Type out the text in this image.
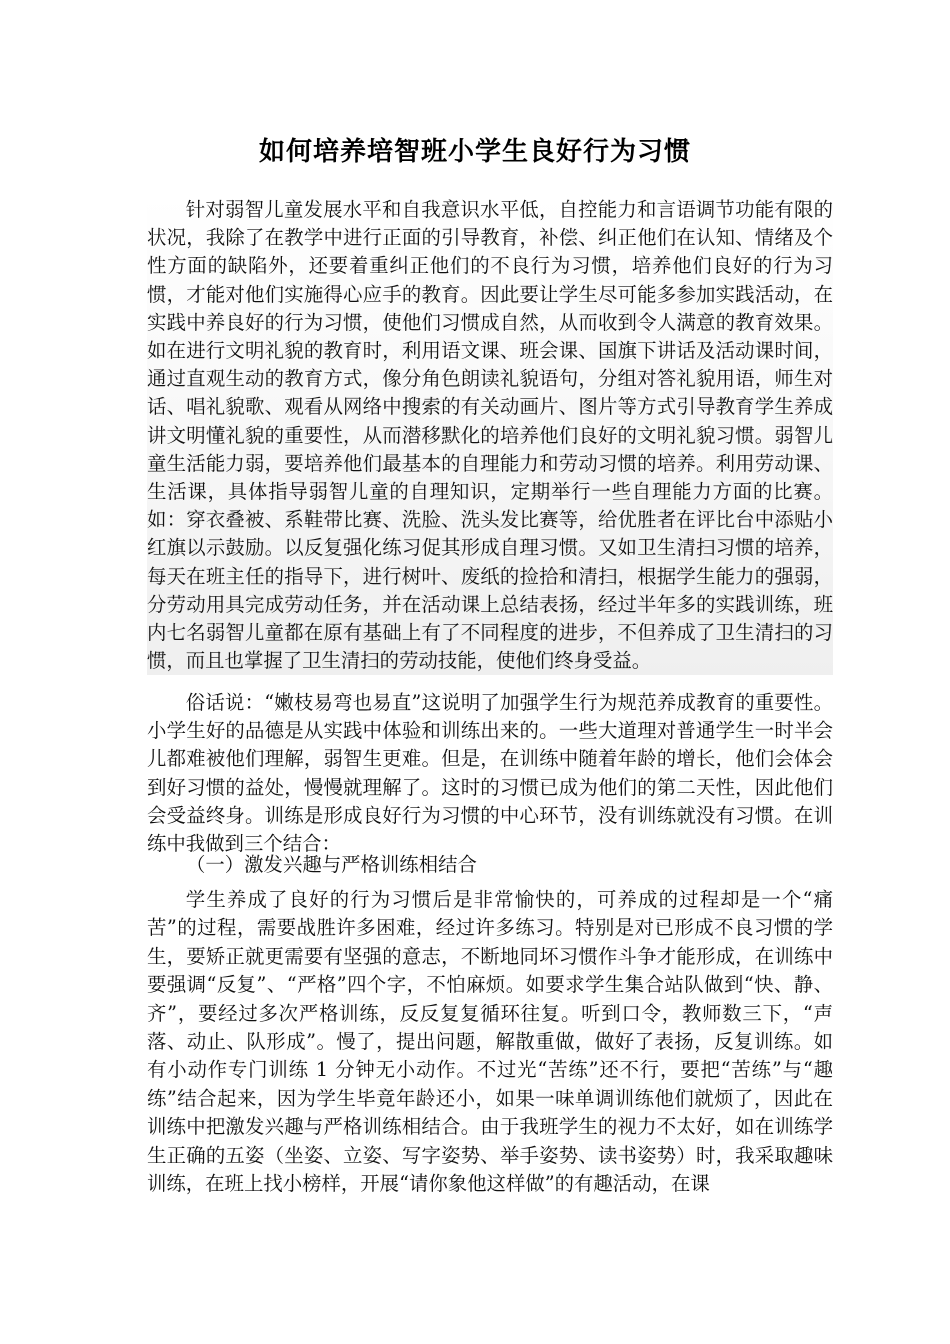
如何培养培智班小学生良好行为习惯

针对弱智儿童发展水平和自我意识水平低，自控能力和言语调节功能有限的状况，我除了在教学中进行正面的引导教育，补偿、纠正他们在认知、情绪及个性方面的缺陷外，还要着重纠正他们的不良行为习惯，培养他们良好的行为习惯，才能对他们实施得心应手的教育。因此要让学生尽可能多参加实践活动，在实践中养良好的行为习惯，使他们习惯成自然，从而收到令人满意的教育效果。如在进行文明礼貌的教育时，利用语文课、班会课、国旗下讲话及活动课时间，通过直观生动的教育方式，像分角色朗读礼貌语句，分组对答礼貌用语，师生对话、唱礼貌歌、观看从网络中搜索的有关动画片、图片等方式引导教育学生养成讲文明懂礼貌的重要性，从而潜移默化的培养他们良好的文明礼貌习惯。弱智儿童生活能力弱，要培养他们最基本的自理能力和劳动习惯的培养。利用劳动课、生活课，具体指导弱智儿童的自理知识，定期举行一些自理能力方面的比赛。如：穿衣叠被、系鞋带比赛、洗脸、洗头发比赛等，给优胜者在评比台中添贴小红旗以示鼓励。以反复强化练习促其形成自理习惯。又如卫生清扫习惯的培养，每天在班主任的指导下，进行树叶、废纸的捡拾和清扫，根据学生能力的强弱，分劳动用具完成劳动任务，并在活动课上总结表扬，经过半年多的实践训练，班内七名弱智儿童都在原有基础上有了不同程度的进步，不但养成了卫生清扫的习惯，而且也掌握了卫生清扫的劳动技能，使他们终身受益。

俗话说：“嫩枝易弯也易直”这说明了加强学生行为规范养成教育的重要性。小学生好的品德是从实践中体验和训练出来的。一些大道理对普通学生一时半会儿都难被他们理解，弱智生更难。但是，在训练中随着年龄的增长，他们会体会到好习惯的益处，慢慢就理解了。这时的习惯已成为他们的第二天性，因此他们会受益终身。训练是形成良好行为习惯的中心环节，没有训练就没有习惯。在训练中我做到三个结合：

（一）激发兴趣与严格训练相结合

学生养成了良好的行为习惯后是非常愉快的，可养成的过程却是一个“痛苦”的过程，需要战胜许多困难，经过许多练习。特别是对已形成不良习惯的学生，要矫正就更需要有坚强的意志，不断地同坏习惯作斗争才能形成，在训练中要强调“反复”、“严格”四个字，不怕麻烦。如要求学生集合站队做到“快、静、齐”，要经过多次严格训练，反反复复循环往复。听到口令，教师数三下，“声落、动止、队形成”。慢了，提出问题，解散重做，做好了表扬，反复训练。如有小动作专门训练 1 分钟无小动作。不过光“苦练”还不行，要把“苦练”与“趣练”结合起来，因为学生毕竟年龄还小，如果一味单调训练他们就烦了，因此在训练中把激发兴趣与严格训练相结合。由于我班学生的视力不太好，如在训练学生正确的五姿（坐姿、立姿、写字姿势、举手姿势、读书姿势）时，我采取趣味训练，在班上找小榜样，开展“请你象他这样做”的有趣活动，在课
